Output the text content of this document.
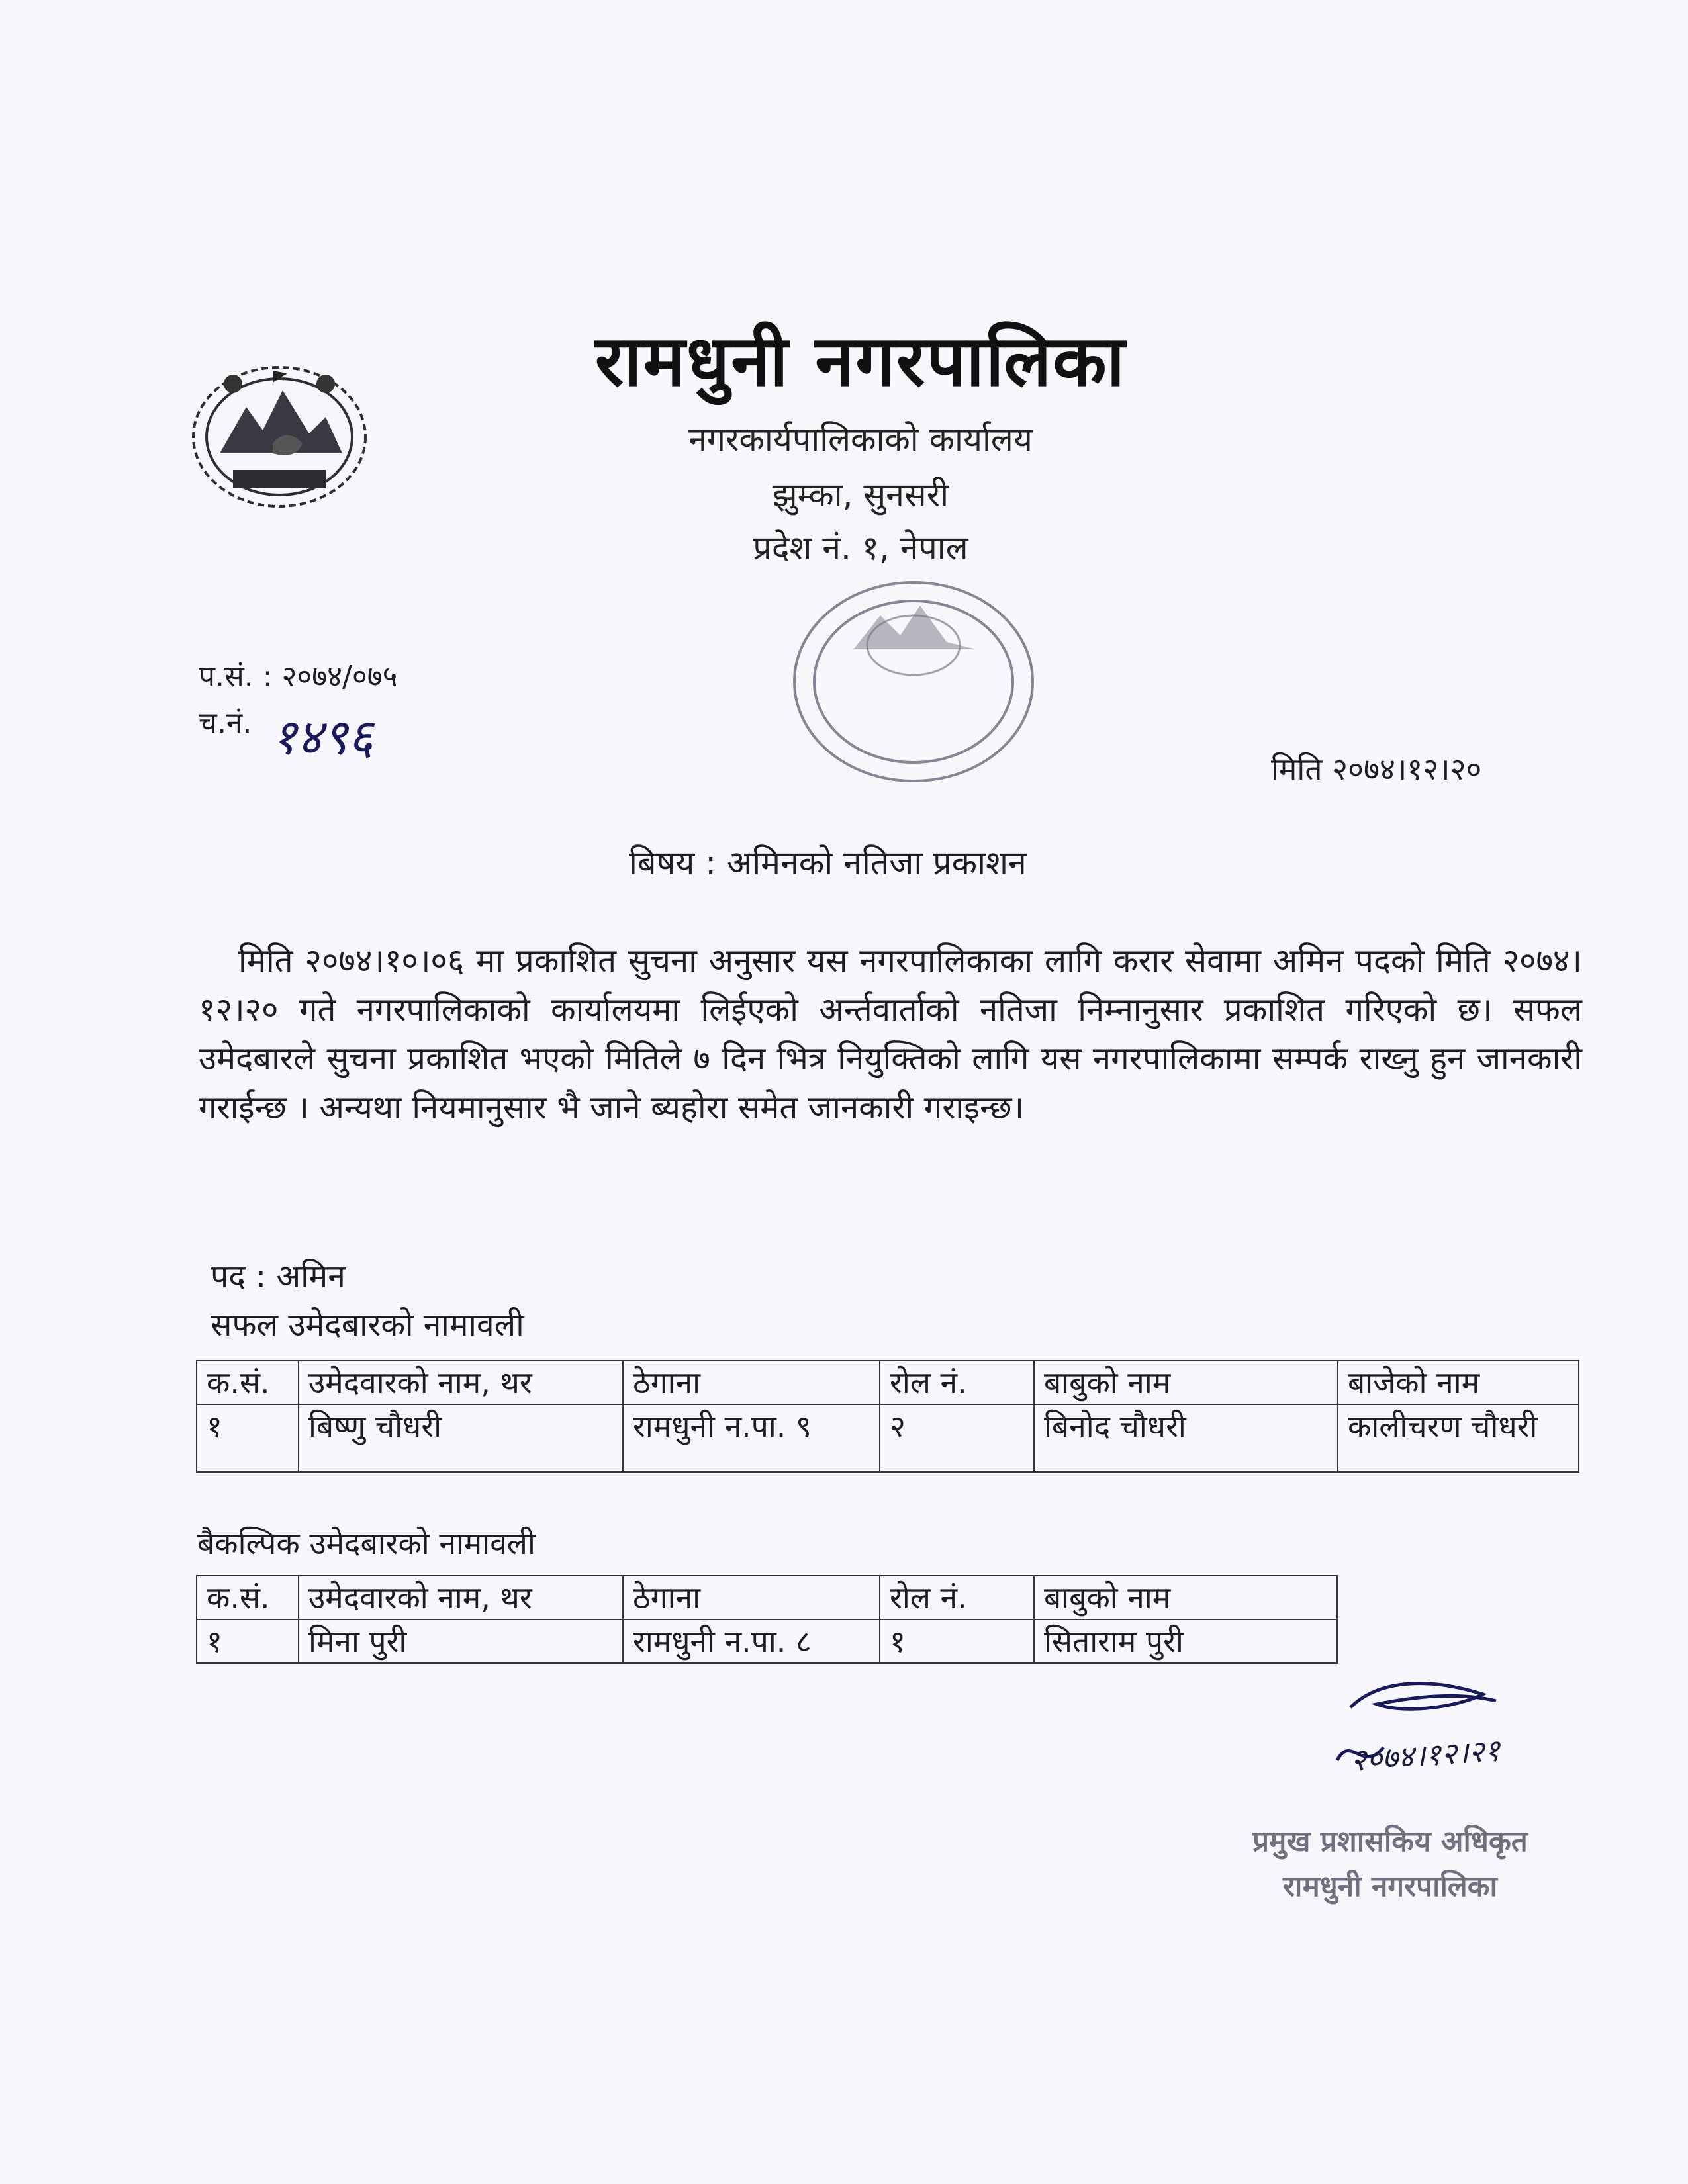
रामधुनी नगरपालिका
नगरकार्यपालिकाको कार्यालय
झुम्का, सुनसरी
प्रदेश नं. १, नेपाल
प.सं. : २०७४/०७५
च.नं. १४९६
मिति २०७४।१२।२०
बिषय : अमिनको नतिजा प्रकाशन
मिति २०७४।१०।०६ मा प्रकाशित सुचना अनुसार यस नगरपालिकाका लागि करार सेवामा अमिन पदको मिति २०७४।१२।२० गते नगरपालिकाको कार्यालयमा लिईएको अर्न्तवार्ताको नतिजा निम्नानुसार प्रकाशित गरिएको छ। सफल उमेदबारले सुचना प्रकाशित भएको मितिले ७ दिन भित्र नियुक्तिको लागि यस नगरपालिकामा सम्पर्क राख्नु हुन जानकारी गराईन्छ । अन्यथा नियमानुसार भै जाने ब्यहोरा समेत जानकारी गराइन्छ।
पद : अमिन
सफल उमेदबारको नामावली
क.सं.	उमेदवारको नाम, थर	ठेगाना	रोल नं.	बाबुको नाम	बाजेको नाम
१	बिष्णु चौधरी	रामधुनी न.पा. ९	२	बिनोद चौधरी	कालीचरण चौधरी
बैकल्पिक उमेदबारको नामावली
क.सं.	उमेदवारको नाम, थर	ठेगाना	रोल नं.	बाबुको नाम
१	मिना पुरी	रामधुनी न.पा. ८	१	सिताराम पुरी
२०७४।१२।२१
प्रमुख प्रशासकिय अधिकृत
रामधुनी नगरपालिका
